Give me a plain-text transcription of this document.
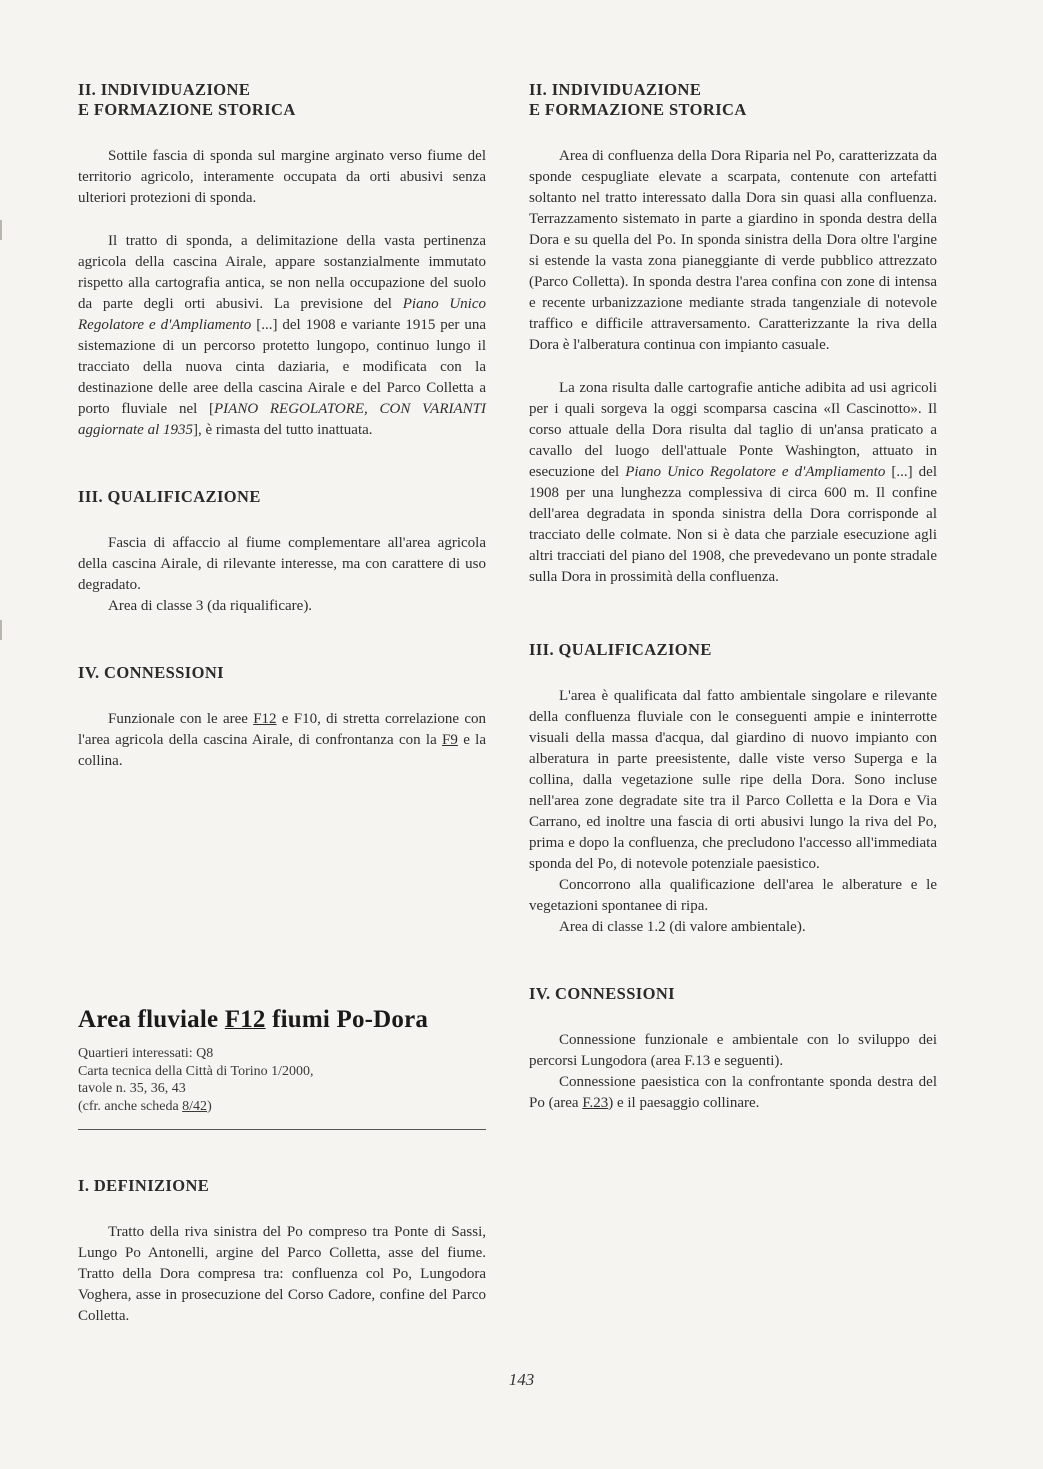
II. INDIVIDUAZIONE
E FORMAZIONE STORICA

Sottile fascia di sponda sul margine arginato verso fiume del territorio agricolo, interamente occupata da orti abusivi senza ulteriori protezioni di sponda.

Il tratto di sponda, a delimitazione della vasta pertinenza agricola della cascina Airale, appare sostanzialmente immutato rispetto alla cartografia antica, se non nella occupazione del suolo da parte degli orti abusivi. La previsione del Piano Unico Regolatore e d'Ampliamento [...] del 1908 e variante 1915 per una sistemazione di un percorso protetto lungopo, continuo lungo il tracciato della nuova cinta daziaria, e modificata con la destinazione delle aree della cascina Airale e del Parco Colletta a porto fluviale nel [PIANO REGOLATORE, CON VARIANTI aggiornate al 1935], è rimasta del tutto inattuata.

III. QUALIFICAZIONE

Fascia di affaccio al fiume complementare all'area agricola della cascina Airale, di rilevante interesse, ma con carattere di uso degradato.

Area di classe 3 (da riqualificare).

IV. CONNESSIONI

Funzionale con le aree F12 e F10, di stretta correlazione con l'area agricola della cascina Airale, di confrontanza con la F9 e la collina.

Area fluviale F12 fiumi Po-Dora

Quartieri interessati: Q8

Carta tecnica della Città di Torino 1/2000,

tavole n. 35, 36, 43

(cfr. anche scheda 8/42)

I. DEFINIZIONE

Tratto della riva sinistra del Po compreso tra Ponte di Sassi, Lungo Po Antonelli, argine del Parco Colletta, asse del fiume. Tratto della Dora compresa tra: confluenza col Po, Lungodora Voghera, asse in prosecuzione del Corso Cadore, confine del Parco Colletta.

II. INDIVIDUAZIONE
E FORMAZIONE STORICA

Area di confluenza della Dora Riparia nel Po, caratterizzata da sponde cespugliate elevate a scarpata, contenute con artefatti soltanto nel tratto interessato dalla Dora sin quasi alla confluenza. Terrazzamento sistemato in parte a giardino in sponda destra della Dora e su quella del Po. In sponda sinistra della Dora oltre l'argine si estende la vasta zona pianeggiante di verde pubblico attrezzato (Parco Colletta). In sponda destra l'area confina con zone di intensa e recente urbanizzazione mediante strada tangenziale di notevole traffico e difficile attraversamento. Caratterizzante la riva della Dora è l'alberatura continua con impianto casuale.

La zona risulta dalle cartografie antiche adibita ad usi agricoli per i quali sorgeva la oggi scomparsa cascina «Il Cascinotto». Il corso attuale della Dora risulta dal taglio di un'ansa praticato a cavallo del luogo dell'attuale Ponte Washington, attuato in esecuzione del Piano Unico Regolatore e d'Ampliamento [...] del 1908 per una lunghezza complessiva di circa 600 m. Il confine dell'area degradata in sponda sinistra della Dora corrisponde al tracciato delle colmate. Non si è data che parziale esecuzione agli altri tracciati del piano del 1908, che prevedevano un ponte stradale sulla Dora in prossimità della confluenza.

III. QUALIFICAZIONE

L'area è qualificata dal fatto ambientale singolare e rilevante della confluenza fluviale con le conseguenti ampie e ininterrotte visuali della massa d'acqua, dal giardino di nuovo impianto con alberatura in parte preesistente, dalle viste verso Superga e la collina, dalla vegetazione sulle ripe della Dora. Sono incluse nell'area zone degradate site tra il Parco Colletta e la Dora e Via Carrano, ed inoltre una fascia di orti abusivi lungo la riva del Po, prima e dopo la confluenza, che precludono l'accesso all'immediata sponda del Po, di notevole potenziale paesistico.

Concorrono alla qualificazione dell'area le alberature e le vegetazioni spontanee di ripa.

Area di classe 1.2 (di valore ambientale).

IV. CONNESSIONI

Connessione funzionale e ambientale con lo sviluppo dei percorsi Lungodora (area F.13 e seguenti).

Connessione paesistica con la confrontante sponda destra del Po (area F.23) e il paesaggio collinare.

143
